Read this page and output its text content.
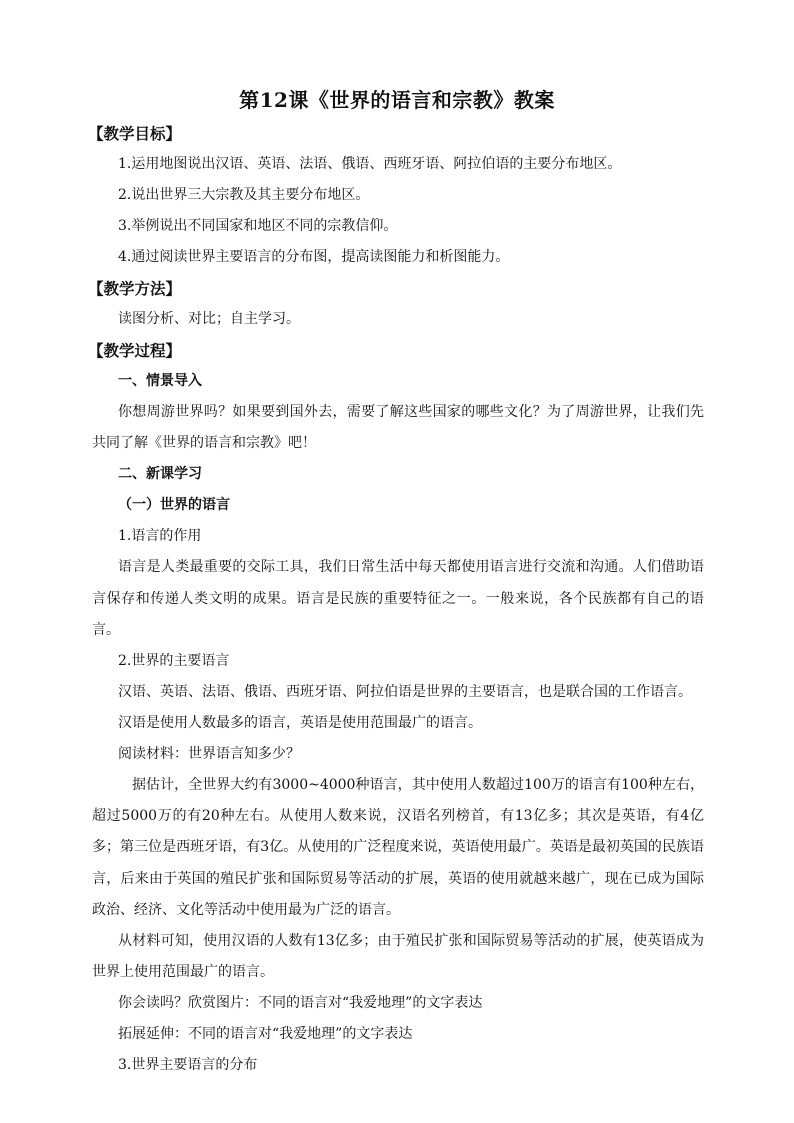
第12课《世界的语言和宗教》教案

【教学目标】

1.运用地图说出汉语、英语、法语、俄语、西班牙语、阿拉伯语的主要分布地区。

2.说出世界三大宗教及其主要分布地区。

3.举例说出不同国家和地区不同的宗教信仰。

4.通过阅读世界主要语言的分布图，提高读图能力和析图能力。

【教学方法】

读图分析、对比；自主学习。

【教学过程】

一、情景导入

你想周游世界吗？如果要到国外去，需要了解这些国家的哪些文化？为了周游世界，让我们先共同了解《世界的语言和宗教》吧！

二、新课学习

（一）世界的语言

1.语言的作用

语言是人类最重要的交际工具，我们日常生活中每天都使用语言进行交流和沟通。人们借助语言保存和传递人类文明的成果。语言是民族的重要特征之一。一般来说，各个民族都有自己的语言。

2.世界的主要语言

汉语、英语、法语、俄语、西班牙语、阿拉伯语是世界的主要语言，也是联合国的工作语言。

汉语是使用人数最多的语言，英语是使用范围最广的语言。

阅读材料：世界语言知多少？

据估计，全世界大约有3000~4000种语言，其中使用人数超过100万的语言有100种左右，超过5000万的有20种左右。从使用人数来说，汉语名列榜首，有13亿多；其次是英语，有4亿多；第三位是西班牙语，有3亿。从使用的广泛程度来说，英语使用最广。英语是最初英国的民族语言，后来由于英国的殖民扩张和国际贸易等活动的扩展，英语的使用就越来越广，现在已成为国际政治、经济、文化等活动中使用最为广泛的语言。

从材料可知，使用汉语的人数有13亿多；由于殖民扩张和国际贸易等活动的扩展，使英语成为世界上使用范围最广的语言。

你会读吗？欣赏图片：不同的语言对“我爱地理”的文字表达

拓展延伸：不同的语言对“我爱地理”的文字表达

3.世界主要语言的分布
